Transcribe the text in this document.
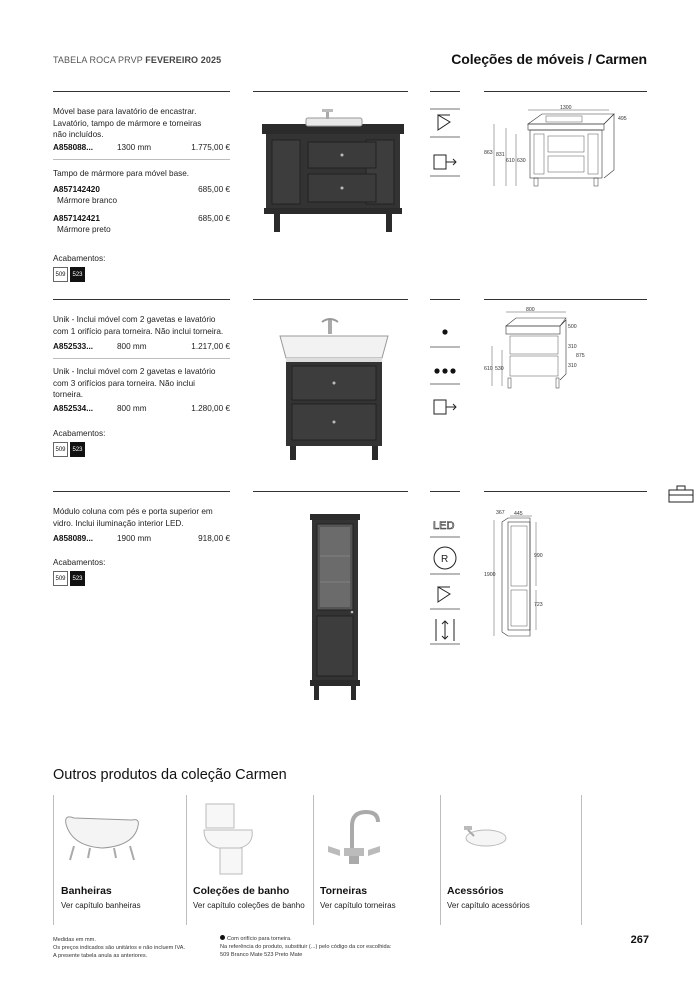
TABELA ROCA PRVP FEVEREIRO 2025	Coleções de móveis / Carmen
Móvel base para lavatório de encastrar.
Lavatório, tampo de mármore e torneiras
não incluídos.
A858088...	1300 mm	1.775,00 €
Tampo de mármore para móvel base.
A857142420	685,00 €
Mármore branco
A857142421	685,00 €
Mármore preto
Acabamentos:
509	523

1300
495
863 831
610 630
Unik - Inclui móvel com 2 gavetas e lavatório
com 1 orifício para torneira. Não inclui torneira.
A852533...	800 mm	1.217,00 €
Unik - Inclui móvel com 2 gavetas e lavatório
com 3 orifícios para torneira. Não inclui
torneira.
A852534...	800 mm	1.280,00 €
Acabamentos:
509	523

800
500
310
875
310
610 530
Módulo coluna com pés e porta superior em
vidro. Inclui iluminação interior LED.
A858089...	1900 mm	918,00 €
Acabamentos:
509	523
LED

R

367 445
1900
990
723
Outros produtos da coleção Carmen
Banheiras
Ver capítulo banheiras
Coleções de banho
Ver capítulo coleções de banho
Torneiras
Ver capítulo torneiras
Acessórios
Ver capítulo acessórios
Medidas em mm.
Os preços indicados são unitários e não incluem IVA.
A presente tabela anula as anteriores.
Com orifício para torneira.
Na referência do produto, substituir (...) pelo código da cor escolhida:
509 Branco Mate 523 Preto Mate
267
